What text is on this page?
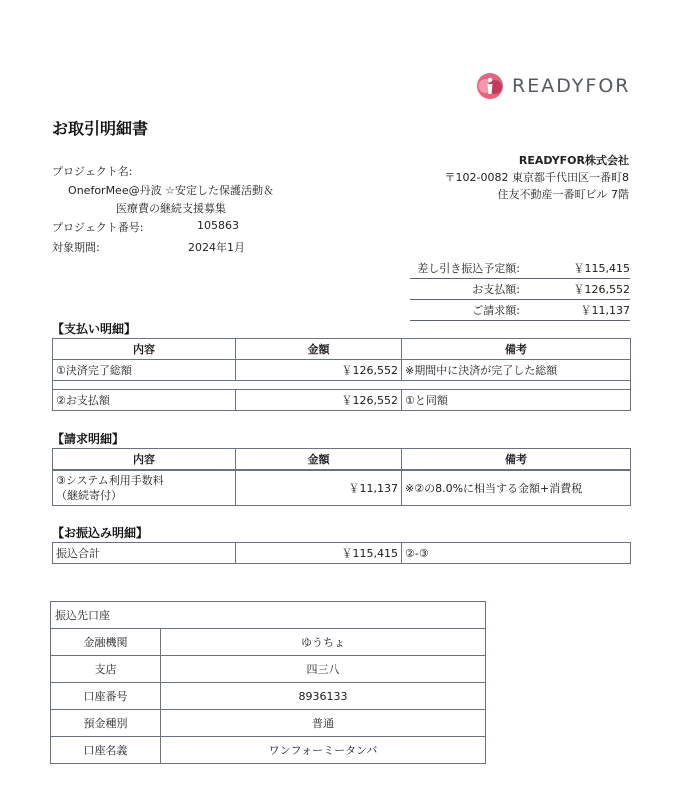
READYFOR
お取引明細書
プロジェクト名:
OneforMee@丹波 ☆安定した保護活動＆
医療費の継続支援募集
プロジェクト番号:	105863
対象期間:	2024年1月
READYFOR株式会社
〒102-0082 東京都千代田区一番町8
住友不動産一番町ビル 7階
差し引き振込予定額:	￥115,415
お支払額:	￥126,552
ご請求額:	￥11,137
【支払い明細】
内容	金額	備考
①決済完了総額	￥126,552	※期間中に決済が完了した総額

②お支払額	￥126,552	①と同額
【請求明細】
内容	金額	備考

③システム利用手数料
（継続寄付）	￥11,137	※②の8.0%に相当する金額+消費税
【お振込み明細】
振込合計	￥115,415	②-③
振込先口座	
金融機関	ゆうちょ
支店	四三八
口座番号	8936133
預金種別	普通
口座名義	ワンフォーミータンバ
